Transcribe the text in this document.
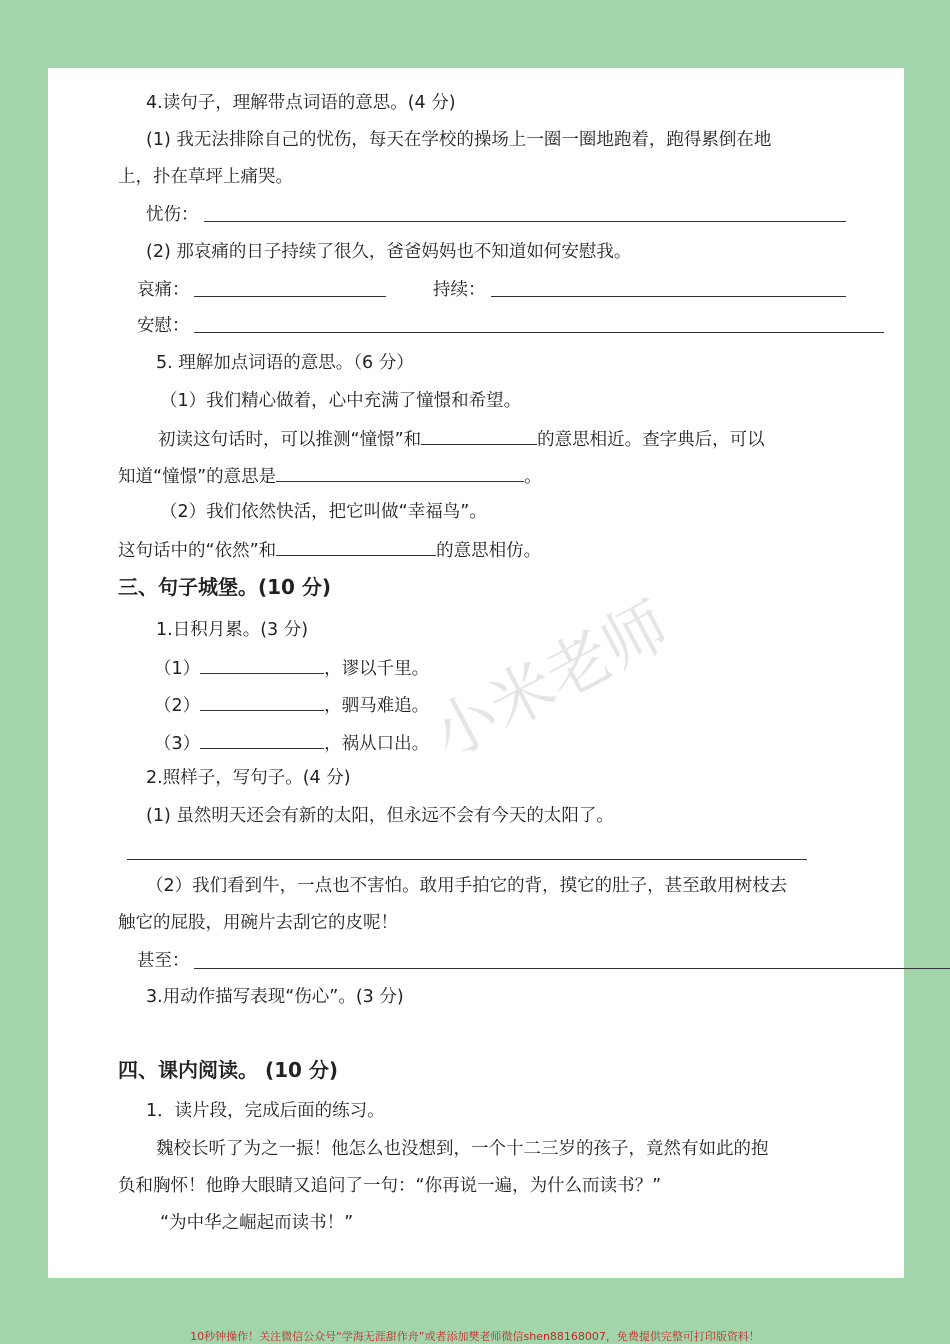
小米老师
4.读句子，理解带点词语的意思。(4 分)
(1) 我无法排除自己的忧伤，每天在学校的操场上一圈一圈地跑着，跑得累倒在地
上，扑在草坪上痛哭。
忧伤：
(2) 那哀痛的日子持续了很久，爸爸妈妈也不知道如何安慰我。
哀痛：	持续：
安慰：
5. 理解加点词语的意思。（6 分）
（1）我们精心做着，心中充满了憧憬和希望。
初读这句话时，可以推测“憧憬”和	的意思相近。查字典后，可以
知道“憧憬”的意思是	。
（2）我们依然快活，把它叫做“幸福鸟”。
这句话中的“依然”和	的意思相仿。
三、句子城堡。(10 分)
1.日积月累。(3 分)
（1）	，谬以千里。
（2）	，驷马难追。
（3）	，祸从口出。
2.照样子，写句子。(4 分)
(1) 虽然明天还会有新的太阳，但永远不会有今天的太阳了。
（2）我们看到牛，一点也不害怕。敢用手拍它的背，摸它的肚子，甚至敢用树枝去
触它的屁股，用碗片去刮它的皮呢！
甚至：
3.用动作描写表现“伤心”。(3 分)
四、课内阅读。 (10 分)
1．读片段，完成后面的练习。
魏校长听了为之一振！他怎么也没想到，一个十二三岁的孩子，竟然有如此的抱
负和胸怀！他睁大眼睛又追问了一句：“你再说一遍，为什么而读书？”
“为中华之崛起而读书！”
10秒钟操作！关注微信公众号“学海无涯甜作舟”或者添加樊老师微信shen88168007，免费提供完整可打印版资料！
